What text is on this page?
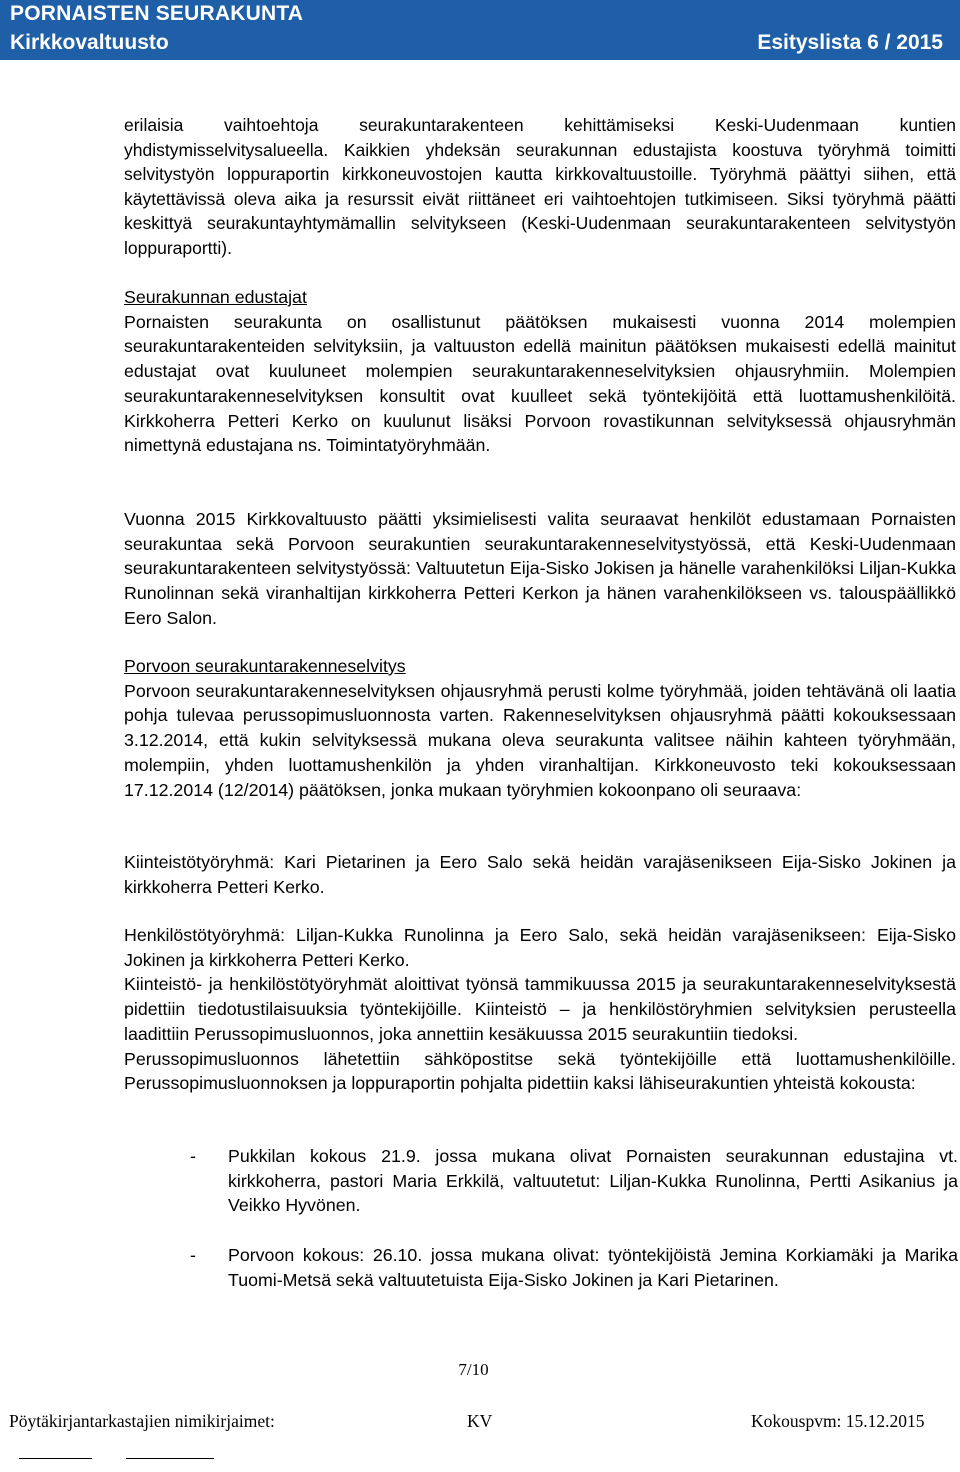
PORNAISTEN SEURAKUNTA
Kirkkovaltuusto	Esityslista 6 / 2015

erilaisia vaihtoehtoja seurakuntarakenteen kehittämiseksi Keski-Uudenmaan kuntien yhdistymisselvitysalueella. Kaikkien yhdeksän seurakunnan edustajista koostuva työryhmä toimitti selvitystyön loppuraportin kirkkoneuvostojen kautta kirkkovaltuustoille. Työryhmä päättyi siihen, että käytettävissä oleva aika ja resurssit eivät riittäneet eri vaihtoehtojen tutkimiseen. Siksi työryhmä päätti keskittyä seurakuntayhtymämallin selvitykseen (Keski-Uudenmaan seurakuntarakenteen selvitystyön loppuraportti).

Seurakunnan edustajat

Pornaisten seurakunta on osallistunut päätöksen mukaisesti vuonna 2014 molempien seurakuntarakenteiden selvityksiin, ja valtuuston edellä mainitun päätöksen mukaisesti edellä mainitut edustajat ovat kuuluneet molempien seurakuntarakenneselvityksien ohjausryhmiin. Molempien seurakuntarakenneselvityksen konsultit ovat kuulleet sekä työntekijöitä että luottamushenkilöitä. Kirkkoherra Petteri Kerko on kuulunut lisäksi Porvoon rovastikunnan selvityksessä ohjausryhmän nimettynä edustajana ns. Toimintatyöryhmään.

Vuonna 2015 Kirkkovaltuusto päätti yksimielisesti valita seuraavat henkilöt edustamaan Pornaisten seurakuntaa sekä Porvoon seurakuntien seurakuntarakenneselvitystyössä, että Keski-Uudenmaan seurakuntarakenteen selvitystyössä: Valtuutetun Eija-Sisko Jokisen ja hänelle varahenkilöksi Liljan-Kukka Runolinnan sekä viranhaltijan kirkkoherra Petteri Kerkon ja hänen varahenkilökseen vs. talouspäällikkö Eero Salon.

Porvoon seurakuntarakenneselvitys

Porvoon seurakuntarakenneselvityksen ohjausryhmä perusti kolme työryhmää, joiden tehtävänä oli laatia pohja tulevaa perussopimusluonnosta varten. Rakenneselvityksen ohjausryhmä päätti kokouksessaan 3.12.2014, että kukin selvityksessä mukana oleva seurakunta valitsee näihin kahteen työryhmään, molempiin, yhden luottamushenkilön ja yhden viranhaltijan. Kirkkoneuvosto teki kokouksessaan 17.12.2014 (12/2014) päätöksen, jonka mukaan työryhmien kokoonpano oli seuraava:

Kiinteistötyöryhmä: Kari Pietarinen ja Eero Salo sekä heidän varajäsenikseen Eija-Sisko Jokinen ja kirkkoherra Petteri Kerko.

Henkilöstötyöryhmä: Liljan-Kukka Runolinna ja Eero Salo, sekä heidän varajäsenikseen: Eija-Sisko Jokinen ja kirkkoherra Petteri Kerko.

Kiinteistö- ja henkilöstötyöryhmät aloittivat työnsä tammikuussa 2015 ja seurakuntarakenneselvityksestä pidettiin tiedotustilaisuuksia työntekijöille. Kiinteistö – ja henkilöstöryhmien selvityksien perusteella laadittiin Perussopimusluonnos, joka annettiin kesäkuussa 2015 seurakuntiin tiedoksi.

Perussopimusluonnos lähetettiin sähköpostitse sekä työntekijöille että luottamushenkilöille. Perussopimusluonnoksen ja loppuraportin pohjalta pidettiin kaksi lähiseurakuntien yhteistä kokousta:

- Pukkilan kokous 21.9. jossa mukana olivat Pornaisten seurakunnan edustajina vt. kirkkoherra, pastori Maria Erkkilä, valtuutetut: Liljan-Kukka Runolinna, Pertti Asikanius ja Veikko Hyvönen.
- Porvoon kokous: 26.10. jossa mukana olivat: työntekijöistä Jemina Korkiamäki ja Marika Tuomi-Metsä sekä valtuutetuista Eija-Sisko Jokinen ja Kari Pietarinen.
7/10
Pöytäkirjantarkastajien nimikirjaimet:	KV	Kokouspvm: 15.12.2015
